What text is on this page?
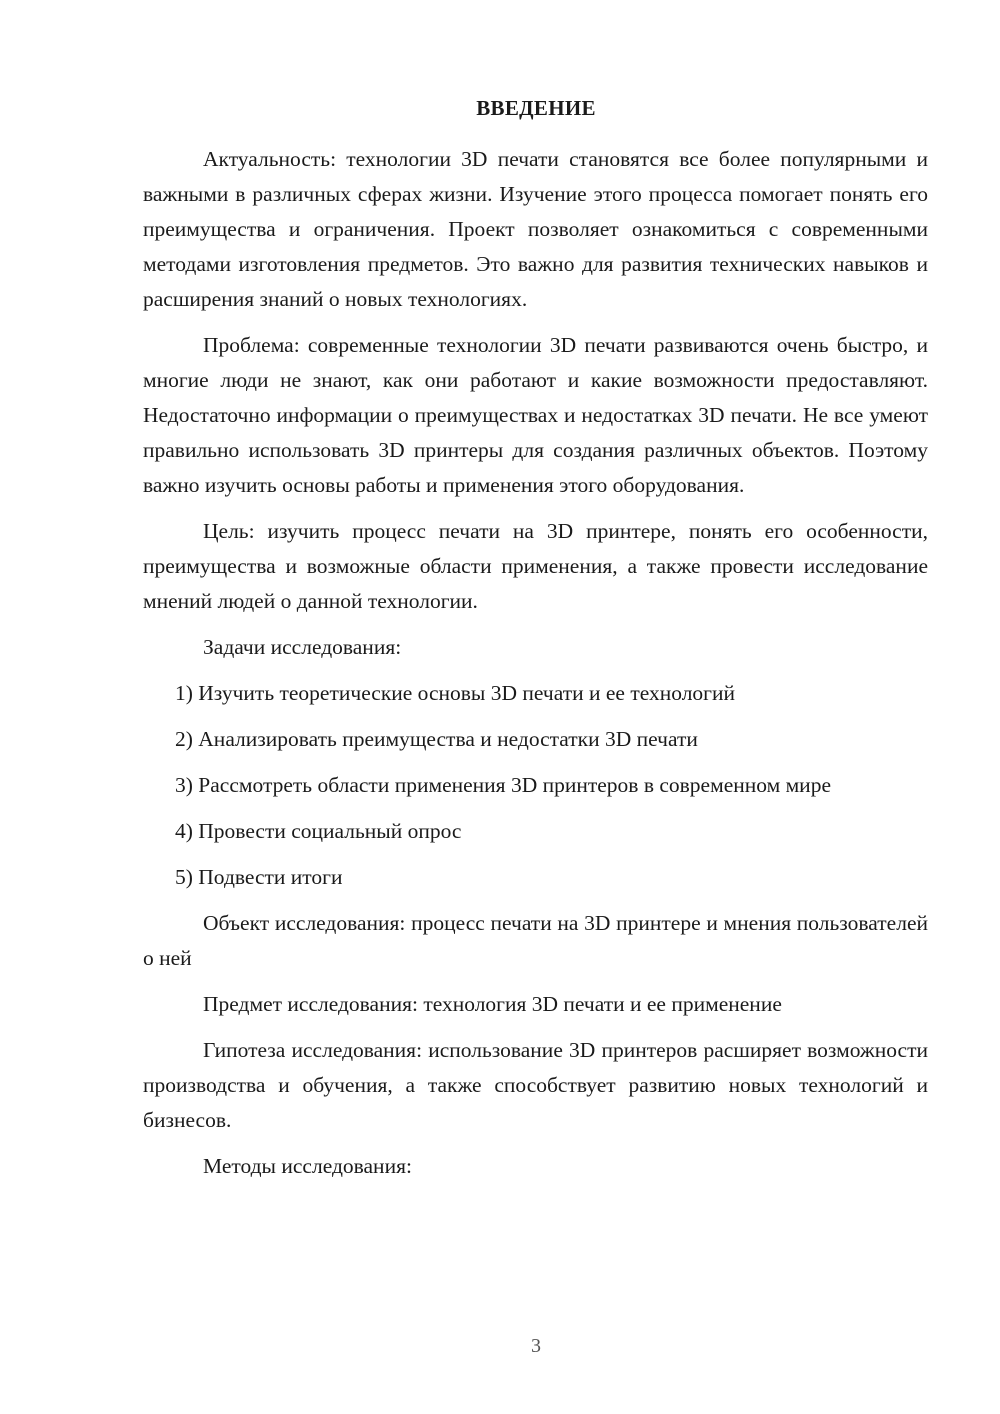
ВВЕДЕНИЕ

Актуальность: технологии 3D печати становятся все более популярными и важными в различных сферах жизни. Изучение этого процесса помогает понять его преимущества и ограничения. Проект позволяет ознакомиться с современными методами изготовления предметов. Это важно для развития технических навыков и расширения знаний о новых технологиях.

Проблема: современные технологии 3D печати развиваются очень быстро, и многие люди не знают, как они работают и какие возможности предоставляют. Недостаточно информации о преимуществах и недостатках 3D печати. Не все умеют правильно использовать 3D принтеры для создания различных объектов. Поэтому важно изучить основы работы и применения этого оборудования.

Цель: изучить процесс печати на 3D принтере, понять его особенности, преимущества и возможные области применения, а также провести исследование мнений людей о данной технологии.

Задачи исследования:

1) Изучить теоретические основы 3D печати и ее технологий

2) Анализировать преимущества и недостатки 3D печати

3) Рассмотреть области применения 3D принтеров в современном мире

4) Провести социальный опрос

5) Подвести итоги

Объект исследования: процесс печати на 3D принтере и мнения пользователей о ней

Предмет исследования: технология 3D печати и ее применение

Гипотеза исследования: использование 3D принтеров расширяет возможности производства и обучения, а также способствует развитию новых технологий и бизнесов.

Методы исследования:

3
